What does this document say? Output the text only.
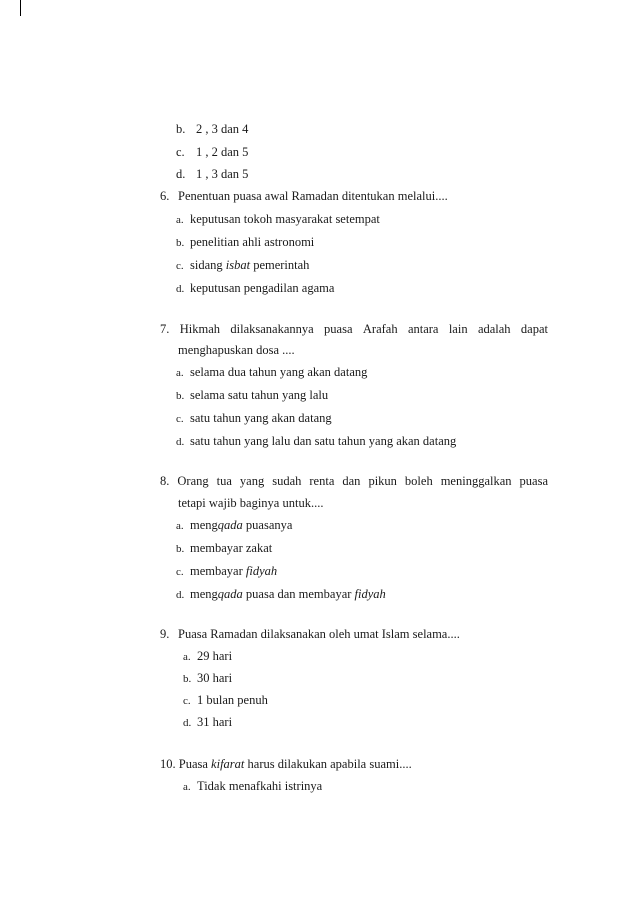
b. 2 , 3 dan 4
c. 1 , 2 dan 5
d. 1 , 3 dan 5
6. Penentuan puasa awal Ramadan ditentukan melalui....
a. keputusan tokoh masyarakat setempat
b. penelitian ahli astronomi
c. sidang isbat pemerintah
d. keputusan pengadilan agama
7. Hikmah dilaksanakannya puasa Arafah antara lain adalah dapat
menghapuskan dosa ....
a. selama dua tahun yang akan datang
b. selama satu tahun yang lalu
c. satu tahun yang akan datang
d. satu tahun yang lalu dan satu tahun yang akan datang
8. Orang tua yang sudah renta dan pikun boleh meninggalkan puasa
tetapi wajib baginya untuk....
a. mengqada puasanya
b. membayar zakat
c. membayar fidyah
d. mengqada puasa dan membayar fidyah
9. Puasa Ramadan dilaksanakan oleh umat Islam selama....
a. 29 hari
b. 30 hari
c. 1 bulan penuh
d. 31 hari
10. Puasa kifarat harus dilakukan apabila suami....
a. Tidak menafkahi istrinya
